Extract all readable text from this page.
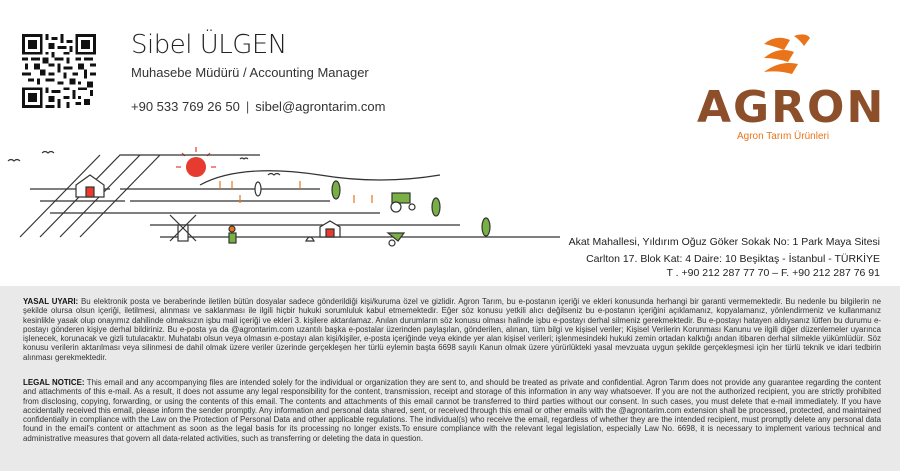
Sibel ÜLGEN
Muhasebe Müdürü / Accounting Manager
+90 533 769 26 50 | sibel@agrontarim.com	AGRON
Agron Tarım Ürünleri
Akat Mahallesi, Yıldırım Oğuz Göker Sokak No: 1 Park Maya Sitesi
Carlton 17. Blok Kat: 4 Daire: 10 Beşiktaş - İstanbul - TÜRKİYE
T . +90 212 287 77 70 – F. +90 212 287 76 91
YASAL UYARI: Bu elektronik posta ve beraberinde iletilen bütün dosyalar sadece gönderildiği kişi/kuruma özel ve gizlidir. Agron Tarım, bu e-postanın içeriği ve ekleri konusunda herhangi bir garanti vermemektedir. Bu nedenle bu bilgilerin ne şekilde olursa olsun içeriği, iletilmesi, alınması ve saklanması ile ilgili hiçbir hukuki sorumluluk kabul etmemektedir. Eğer söz konusu yetkili alıcı değilseniz bu e-postanın içeriğini açıklamanız, kopyalamanız, yönlendirmeniz ve kullanmanız kesinlikle yasak olup onayımız dahilinde olmaksızın işbu mail içeriği ve ekleri 3. kişilere aktarılamaz. Anılan durumların söz konusu olması halinde işbu e-postayı derhal silmeniz gerekmektedir. Bu e-postayı hatayen aldıysanız lütfen bu durumu e-postayı gönderen kişiye derhal bildiriniz. Bu e-posta ya da @agrontarim.com uzantılı başka e-postalar üzerinden paylaşılan, gönderilen, alınan, tüm bilgi ve kişisel veriler; Kişisel Verilerin Korunması Kanunu ve ilgili diğer düzenlemeler uyarınca işlenecek, korunacak ve gizli tutulacaktır. Muhatabı olsun veya olmasın e-postayı alan kişi/kişiler, e-posta içeriğinde veya ekinde yer alan kişisel verileri; işlenmesindeki hukuki zemin ortadan kalktığı andan itibaren derhal silmekle yükümlüdür. Söz konusu verilerin aktarılması veya silinmesi de dahil olmak üzere veriler üzerinde gerçekleşen her türlü eylemin başta 6698 sayılı Kanun olmak üzere yürürlükteki yasal mevzuata uygun şekilde gerçekleşmesi için her türlü teknik ve idari tedbirin alınması gerekmektedir.
LEGAL NOTICE: This email and any accompanying files are intended solely for the individual or organization they are sent to, and should be treated as private and confidential. Agron Tarım does not provide any guarantee regarding the content and attachments of this e-mail. As a result, it does not assume any legal responsibility for the content, transmission, receipt and storage of this information in any way whatsoever. If you are not the authorized recipient, you are strictly prohibited from disclosing, copying, forwarding, or using the contents of this email. The contents and attachments of this email cannot be transferred to third parties without our consent. In such cases, you must delete that e-mail immediately. If you have accidentally received this email, please inform the sender promptly. Any information and personal data shared, sent, or received through this email or other emails with the @agrontarim.com extension shall be processed, protected, and maintained confidentially in compliance with the Law on the Protection of Personal Data and other applicable regulations. The individual(s) who receive the email, regardless of whether they are the intended recipient, must promptly delete any personal data found in the email's content or attachment as soon as the legal basis for its processing no longer exists.To ensure compliance with the relevant legal legislation, especially Law No. 6698, it is necessary to implement various technical and administrative measures that govern all data-related activities, such as transferring or deleting the data in question.
